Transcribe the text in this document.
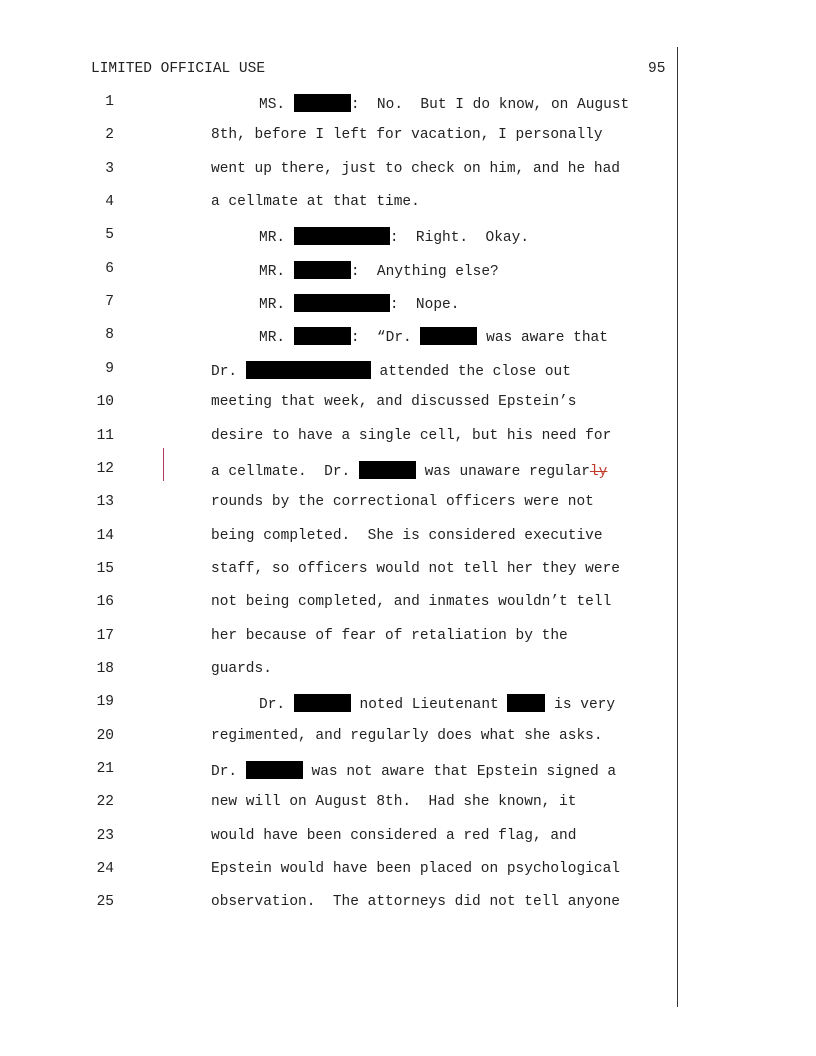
LIMITED OFFICIAL USE	95
1	MS.	:  No.  But I do know, on August
2	8th, before I left for vacation, I personally
3	went up there, just to check on him, and he had
4	a cellmate at that time.
5	MR.	:  Right.  Okay.
6	MR.	:  Anything else?
7	MR.	:  Nope.
8	MR.	:  “Dr.	was aware that
9	Dr.	attended the close out
10	meeting that week, and discussed Epstein’s
11	desire to have a single cell, but his need for
12	a cellmate.  Dr.	was unaware regularly
13	rounds by the correctional officers were not
14	being completed.  She is considered executive
15	staff, so officers would not tell her they were
16	not being completed, and inmates wouldn’t tell
17	her because of fear of retaliation by the
18	guards.
19	Dr.	noted Lieutenant	is very
20	regimented, and regularly does what she asks.
21	Dr.	was not aware that Epstein signed a
22	new will on August 8th.  Had she known, it
23	would have been considered a red flag, and
24	Epstein would have been placed on psychological
25	observation.  The attorneys did not tell anyone
